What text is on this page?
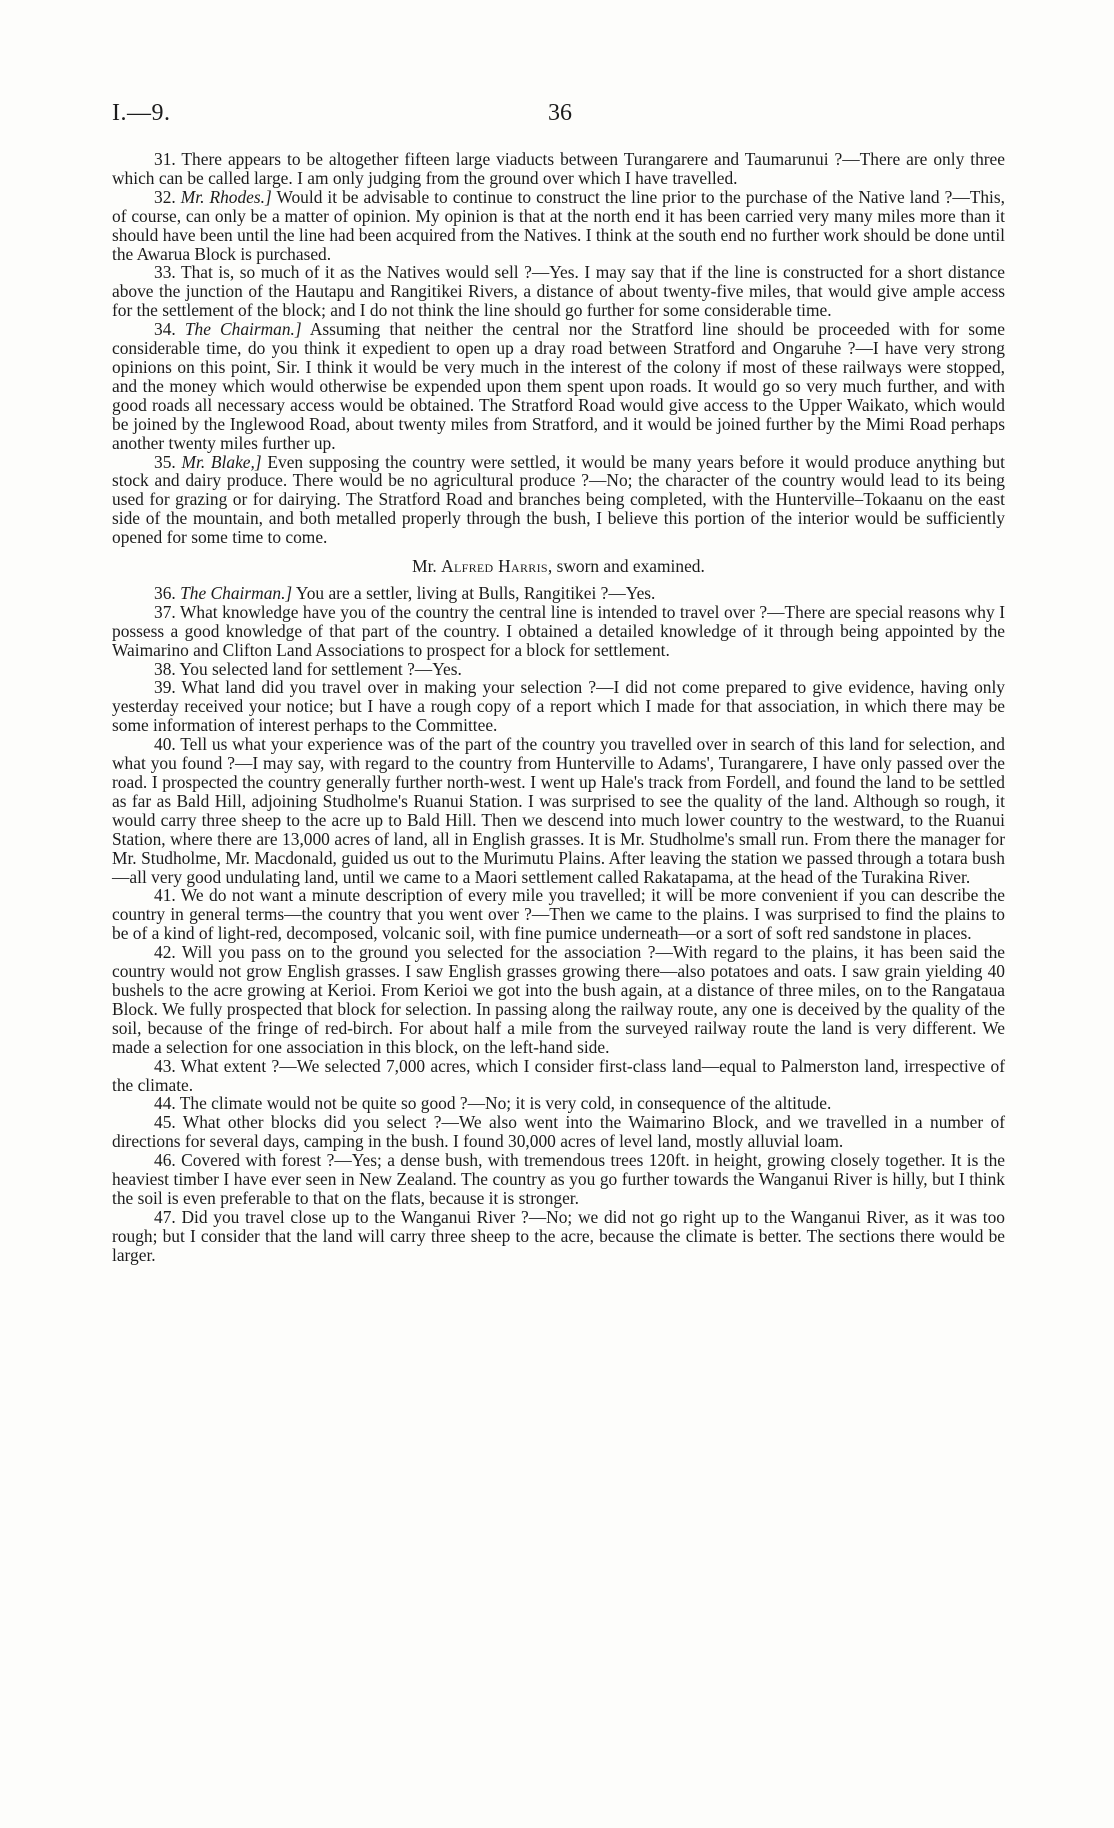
I.—9.	36

31. There appears to be altogether fifteen large viaducts between Turangarere and Taumarunui ?—There are only three which can be called large. I am only judging from the ground over which I have travelled.

32. Mr. Rhodes.] Would it be advisable to continue to construct the line prior to the purchase of the Native land ?—This, of course, can only be a matter of opinion. My opinion is that at the north end it has been carried very many miles more than it should have been until the line had been acquired from the Natives. I think at the south end no further work should be done until the Awarua Block is purchased.

33. That is, so much of it as the Natives would sell ?—Yes. I may say that if the line is constructed for a short distance above the junction of the Hautapu and Rangitikei Rivers, a distance of about twenty-five miles, that would give ample access for the settlement of the block; and I do not think the line should go further for some considerable time.

34. The Chairman.] Assuming that neither the central nor the Stratford line should be proceeded with for some considerable time, do you think it expedient to open up a dray road between Stratford and Ongaruhe ?—I have very strong opinions on this point, Sir. I think it would be very much in the interest of the colony if most of these railways were stopped, and the money which would otherwise be expended upon them spent upon roads. It would go so very much further, and with good roads all necessary access would be obtained. The Stratford Road would give access to the Upper Waikato, which would be joined by the Inglewood Road, about twenty miles from Stratford, and it would be joined further by the Mimi Road perhaps another twenty miles further up.

35. Mr. Blake,] Even supposing the country were settled, it would be many years before it would produce anything but stock and dairy produce. There would be no agricultural produce ?—No; the character of the country would lead to its being used for grazing or for dairying. The Stratford Road and branches being completed, with the Hunterville–Tokaanu on the east side of the mountain, and both metalled properly through the bush, I believe this portion of the interior would be sufficiently opened for some time to come.

Mr. Alfred Harris, sworn and examined.

36. The Chairman.] You are a settler, living at Bulls, Rangitikei ?—Yes.

37. What knowledge have you of the country the central line is intended to travel over ?—There are special reasons why I possess a good knowledge of that part of the country. I obtained a detailed knowledge of it through being appointed by the Waimarino and Clifton Land Associations to prospect for a block for settlement.

38. You selected land for settlement ?—Yes.

39. What land did you travel over in making your selection ?—I did not come prepared to give evidence, having only yesterday received your notice; but I have a rough copy of a report which I made for that association, in which there may be some information of interest perhaps to the Committee.

40. Tell us what your experience was of the part of the country you travelled over in search of this land for selection, and what you found ?—I may say, with regard to the country from Hunterville to Adams', Turangarere, I have only passed over the road. I prospected the country generally further north-west. I went up Hale's track from Fordell, and found the land to be settled as far as Bald Hill, adjoining Studholme's Ruanui Station. I was surprised to see the quality of the land. Although so rough, it would carry three sheep to the acre up to Bald Hill. Then we descend into much lower country to the westward, to the Ruanui Station, where there are 13,000 acres of land, all in English grasses. It is Mr. Studholme's small run. From there the manager for Mr. Studholme, Mr. Macdonald, guided us out to the Murimutu Plains. After leaving the station we passed through a totara bush—all very good undulating land, until we came to a Maori settlement called Rakatapama, at the head of the Turakina River.

41. We do not want a minute description of every mile you travelled; it will be more convenient if you can describe the country in general terms—the country that you went over ?—Then we came to the plains. I was surprised to find the plains to be of a kind of light-red, decomposed, volcanic soil, with fine pumice underneath—or a sort of soft red sandstone in places.

42. Will you pass on to the ground you selected for the association ?—With regard to the plains, it has been said the country would not grow English grasses. I saw English grasses growing there—also potatoes and oats. I saw grain yielding 40 bushels to the acre growing at Kerioi. From Kerioi we got into the bush again, at a distance of three miles, on to the Rangataua Block. We fully prospected that block for selection. In passing along the railway route, any one is deceived by the quality of the soil, because of the fringe of red-birch. For about half a mile from the surveyed railway route the land is very different. We made a selection for one association in this block, on the left-hand side.

43. What extent ?—We selected 7,000 acres, which I consider first-class land—equal to Palmerston land, irrespective of the climate.

44. The climate would not be quite so good ?—No; it is very cold, in consequence of the altitude.

45. What other blocks did you select ?—We also went into the Waimarino Block, and we travelled in a number of directions for several days, camping in the bush. I found 30,000 acres of level land, mostly alluvial loam.

46. Covered with forest ?—Yes; a dense bush, with tremendous trees 120ft. in height, growing closely together. It is the heaviest timber I have ever seen in New Zealand. The country as you go further towards the Wanganui River is hilly, but I think the soil is even preferable to that on the flats, because it is stronger.

47. Did you travel close up to the Wanganui River ?—No; we did not go right up to the Wanganui River, as it was too rough; but I consider that the land will carry three sheep to the acre, because the climate is better. The sections there would be larger.
